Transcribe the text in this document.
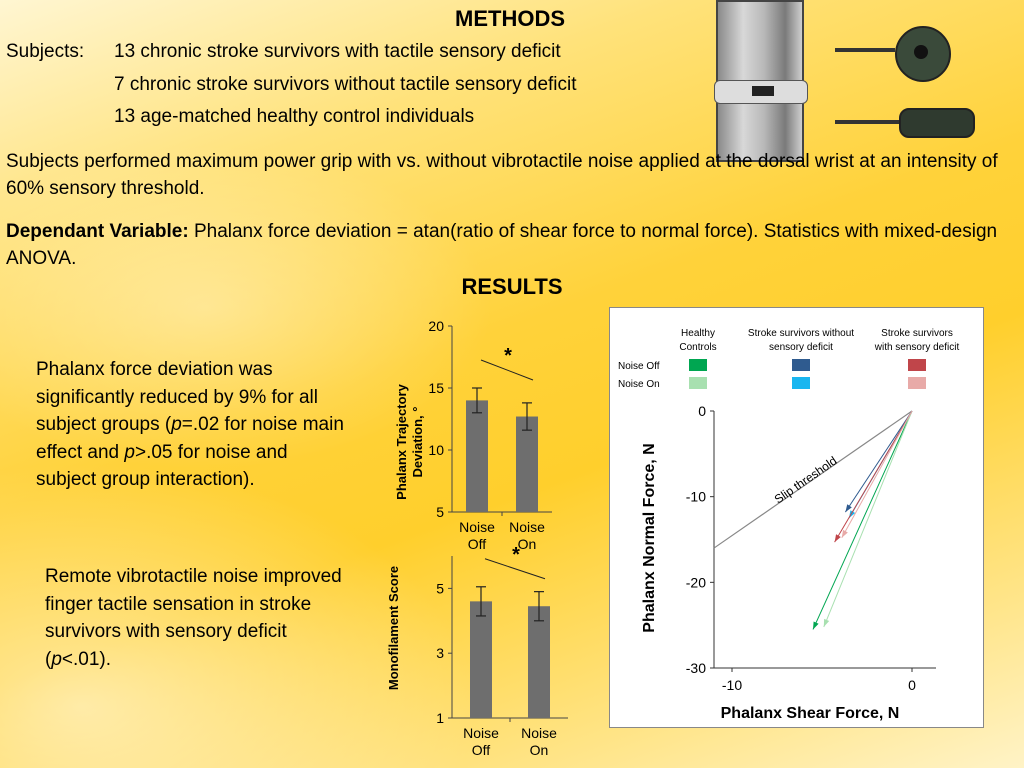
METHODS
Subjects: 13 chronic stroke survivors with tactile sensory deficit
7 chronic stroke survivors without tactile sensory deficit
13 age-matched healthy control individuals
Subjects performed maximum power grip with vs. without vibrotactile noise applied at the dorsal wrist at an intensity of 60% sensory threshold.
Dependant Variable: Phalanx force deviation = atan(ratio of shear force to normal force). Statistics with mixed-design ANOVA.
RESULTS
Phalanx force deviation was significantly reduced by 9% for all subject groups (p=.02 for noise main effect and p>.05 for noise and subject group interaction).
Remote vibrotactile noise improved finger tactile sensation in stroke survivors with sensory deficit (p<.01).
Phalanx Trajectory Deviation, °
5
10
15
20
Noise
Off
Noise
On
*
Monofilament Score
1
3
5
Noise
Off
Noise
On
*
Healthy
Controls
Stroke survivors without
sensory deficit
Stroke survivors
with sensory deficit
Noise Off
Noise On
0
-10
-20
-30
-10	0
Phalanx Shear Force, N
Phalanx Normal Force, N	Slip threshold
